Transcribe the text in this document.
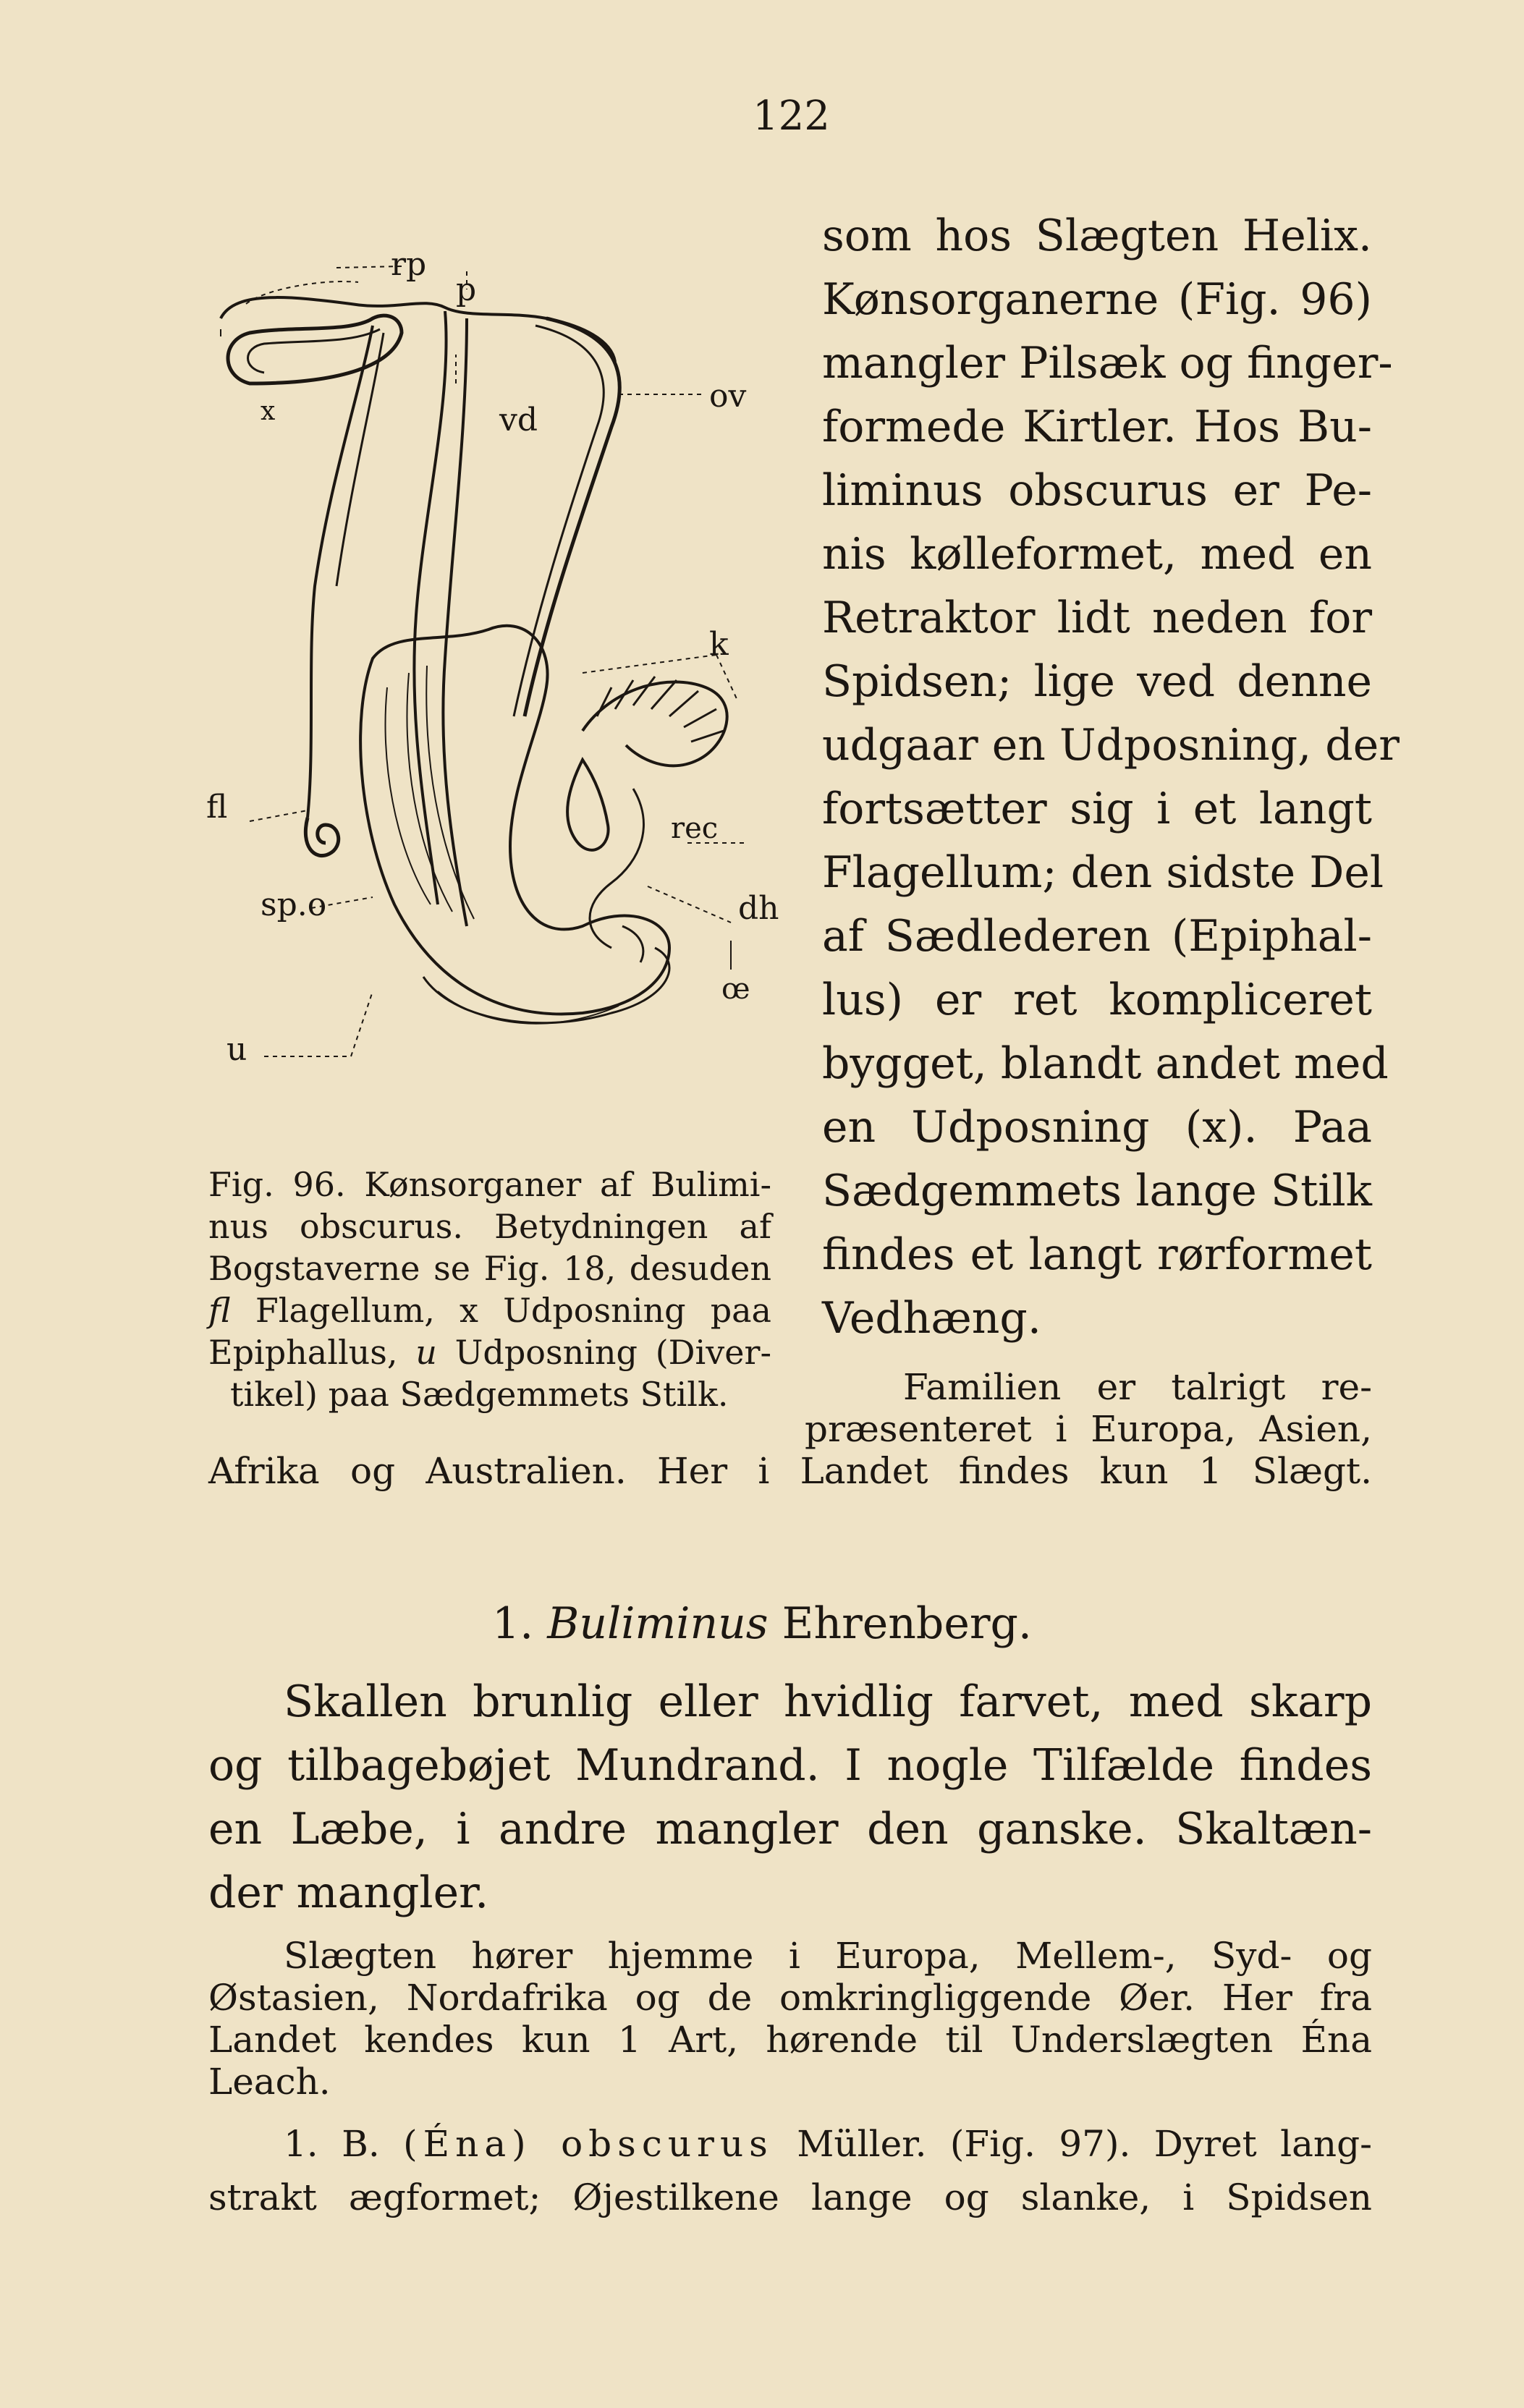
122
rp
p
vd
ov
x
k
fl
rec
sp.o	dh
œ
u
som hos Slægten Helix.
Kønsorganerne (Fig. 96)
mangler Pilsæk og finger-
formede Kirtler. Hos Bu-
liminus obscurus er Pe-
nis kølleformet, med en
Retraktor lidt neden for
Spidsen; lige ved denne
udgaar en Udposning, der
fortsætter sig i et langt
Flagellum; den sidste Del
af Sædlederen (Epiphal-
lus) er ret kompliceret
bygget, blandt andet med
en Udposning (x). Paa
Sædgemmets lange Stilk
findes et langt rørformet
Vedhæng.
Fig. 96. Kønsorganer af Bulimi-
nus obscurus. Betydningen af
Bogstaverne se Fig. 18, desuden
fl Flagellum, x Udposning paa
Epiphallus, u Udposning (Diver-
tikel) paa Sædgemmets Stilk.	Familien er talrigt re-
præsenteret i Europa, Asien,
Afrika og Australien. Her i Landet findes kun 1 Slægt.
1. Buliminus Ehrenberg.
Skallen brunlig eller hvidlig farvet, med skarp
og tilbagebøjet Mundrand. I nogle Tilfælde findes
en Læbe, i andre mangler den ganske. Skaltæn-
der mangler.
Slægten hører hjemme i Europa, Mellem-, Syd- og
Østasien, Nordafrika og de omkringliggende Øer. Her fra
Landet kendes kun 1 Art, hørende til Underslægten Éna
Leach.
1. B. (Éna) obscurus Müller. (Fig. 97). Dyret lang-
strakt ægformet; Øjestilkene lange og slanke, i Spidsen
